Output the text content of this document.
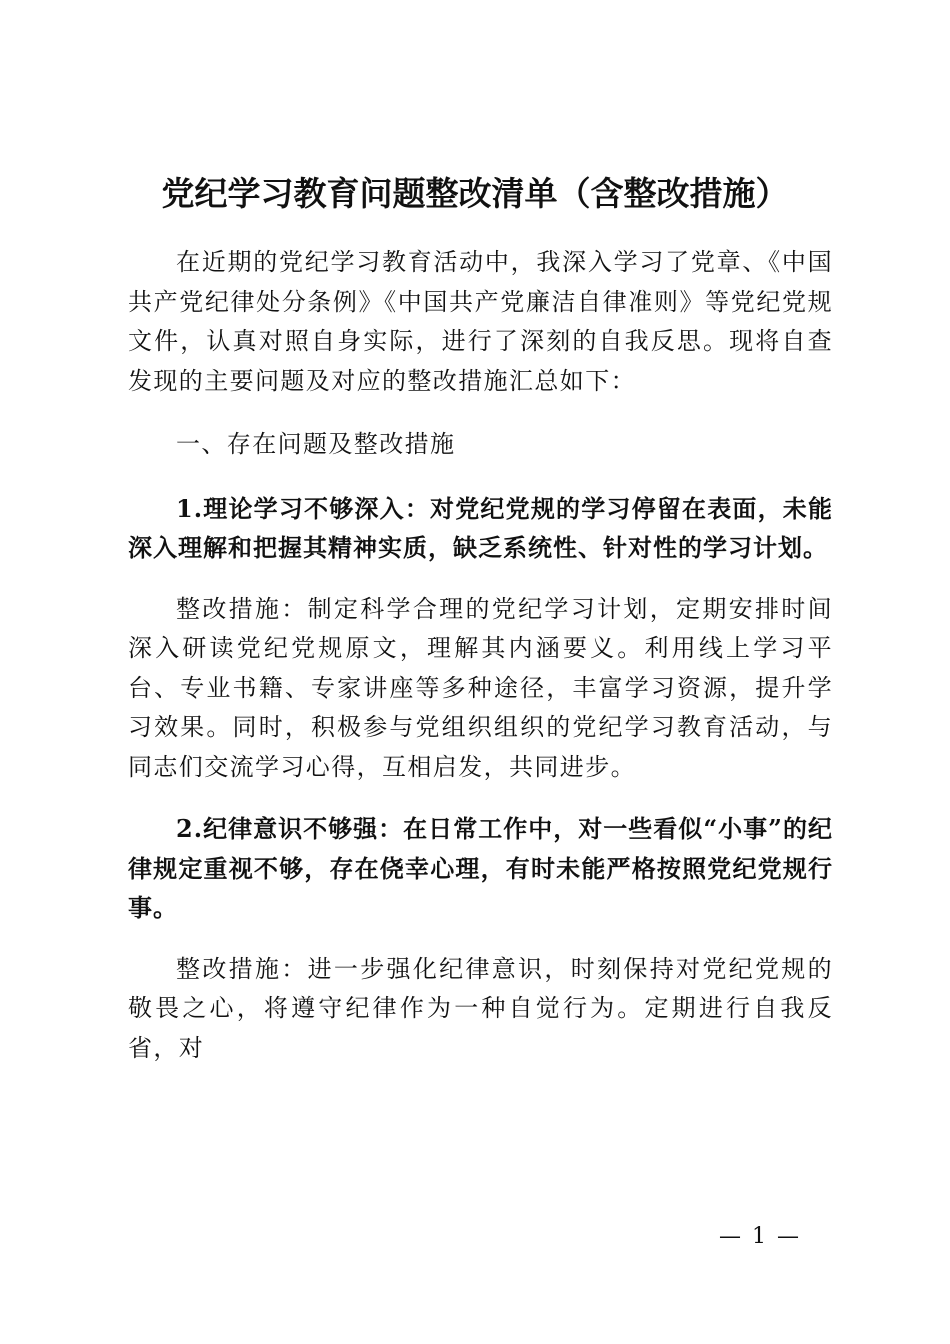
党纪学习教育问题整改清单（含整改措施）

在近期的党纪学习教育活动中，我深入学习了党章、《中国共产党纪律处分条例》《中国共产党廉洁自律准则》等党纪党规文件，认真对照自身实际，进行了深刻的自我反思。现将自查发现的主要问题及对应的整改措施汇总如下：

一、存在问题及整改措施

1.理论学习不够深入：对党纪党规的学习停留在表面，未能深入理解和把握其精神实质，缺乏系统性、针对性的学习计划。

整改措施：制定科学合理的党纪学习计划，定期安排时间深入研读党纪党规原文，理解其内涵要义。利用线上学习平台、专业书籍、专家讲座等多种途径，丰富学习资源，提升学习效果。同时，积极参与党组织组织的党纪学习教育活动，与同志们交流学习心得，互相启发，共同进步。

2.纪律意识不够强：在日常工作中，对一些看似“小事”的纪律规定重视不够，存在侥幸心理，有时未能严格按照党纪党规行事。

整改措施：进一步强化纪律意识，时刻保持对党纪党规的敬畏之心，将遵守纪律作为一种自觉行为。定期进行自我反省，对

— 1 —
